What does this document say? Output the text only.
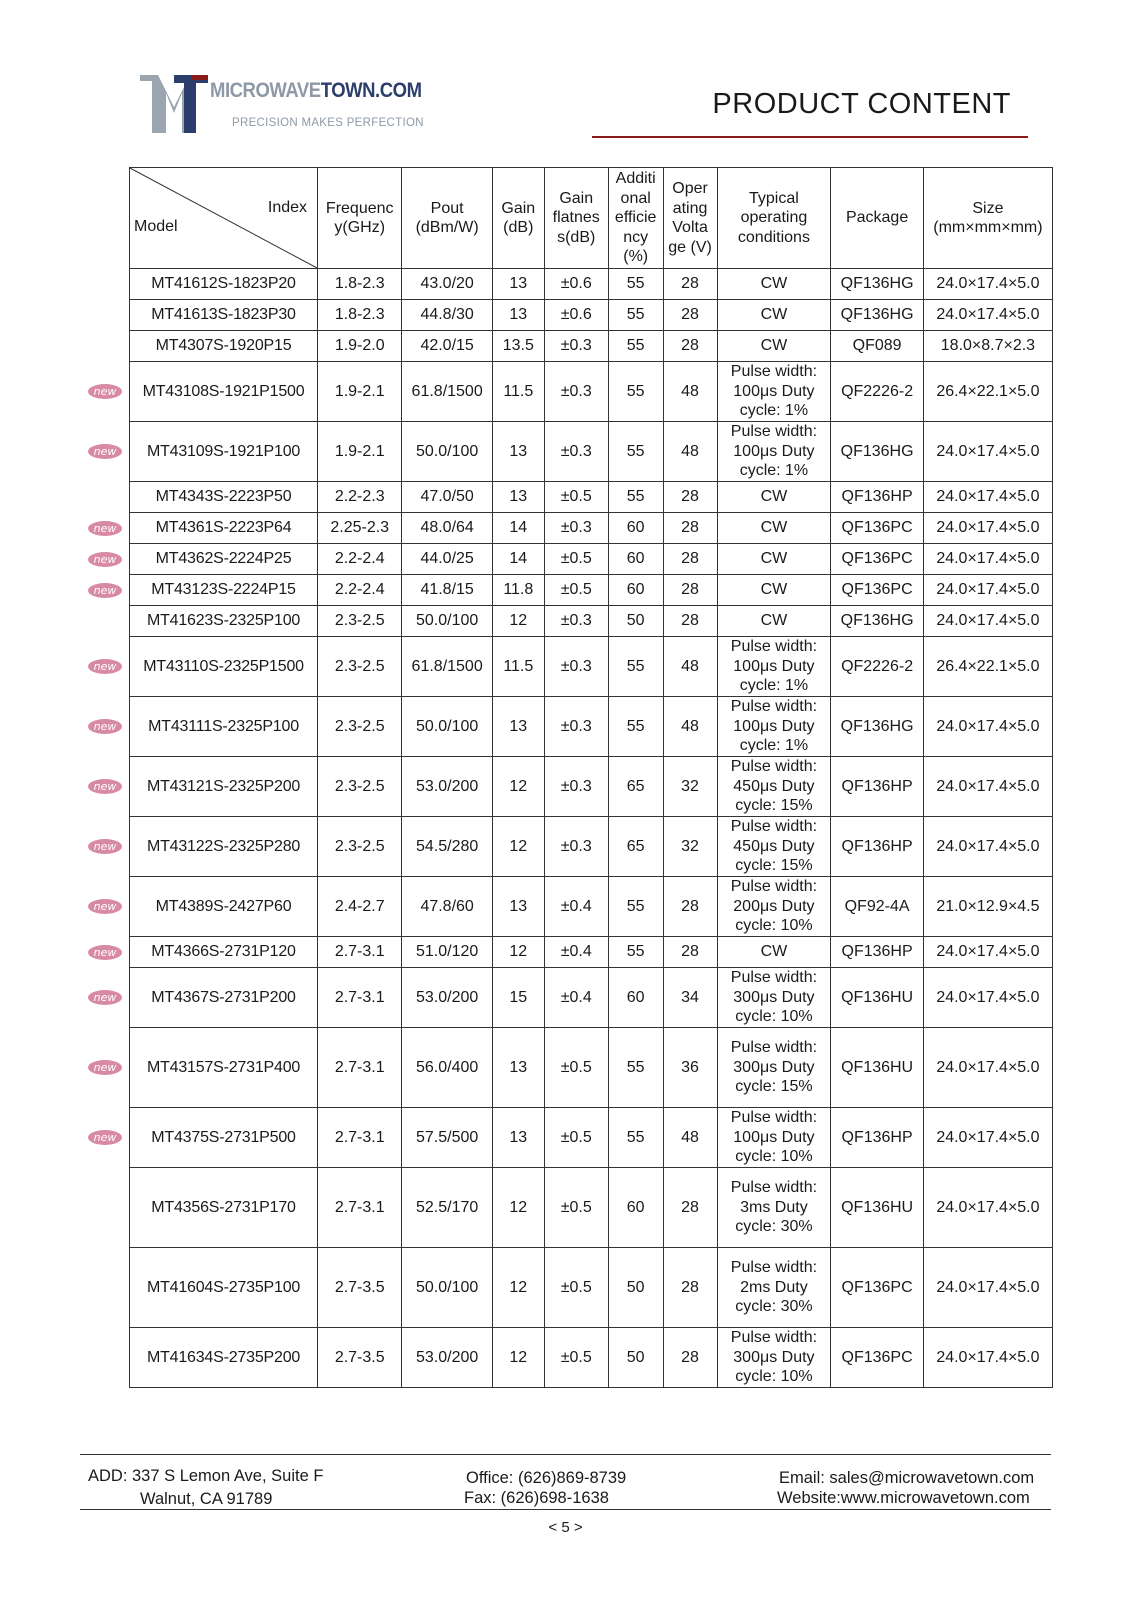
MICROWAVETOWN.COM
PRECISION MAKES PERFECTION
PRODUCT CONTENT
Index
Model	Frequenc y(GHz)	Pout (dBm/W)	Gain (dB)	Gain flatnes s(dB)	Additi onal efficie ncy (%)	Oper ating Volta ge (V)	Typical operating conditions	Package	Size (mm×mm×mm)
MT41612S-1823P20	1.8-2.3	43.0/20	13	±0.6	55	28	CW	QF136HG	24.0×17.4×5.0
MT41613S-1823P30	1.8-2.3	44.8/30	13	±0.6	55	28	CW	QF136HG	24.0×17.4×5.0
MT4307S-1920P15	1.9-2.0	42.0/15	13.5	±0.3	55	28	CW	QF089	18.0×8.7×2.3
MT43108S-1921P1500	1.9-2.1	61.8/1500	11.5	±0.3	55	48	Pulse width: 100μs Duty cycle: 1%	QF2226-2	26.4×22.1×5.0
MT43109S-1921P100	1.9-2.1	50.0/100	13	±0.3	55	48	Pulse width: 100μs Duty cycle: 1%	QF136HG	24.0×17.4×5.0
MT4343S-2223P50	2.2-2.3	47.0/50	13	±0.5	55	28	CW	QF136HP	24.0×17.4×5.0
MT4361S-2223P64	2.25-2.3	48.0/64	14	±0.3	60	28	CW	QF136PC	24.0×17.4×5.0
MT4362S-2224P25	2.2-2.4	44.0/25	14	±0.5	60	28	CW	QF136PC	24.0×17.4×5.0
MT43123S-2224P15	2.2-2.4	41.8/15	11.8	±0.5	60	28	CW	QF136PC	24.0×17.4×5.0
MT41623S-2325P100	2.3-2.5	50.0/100	12	±0.3	50	28	CW	QF136HG	24.0×17.4×5.0
MT43110S-2325P1500	2.3-2.5	61.8/1500	11.5	±0.3	55	48	Pulse width: 100μs Duty cycle: 1%	QF2226-2	26.4×22.1×5.0
MT43111S-2325P100	2.3-2.5	50.0/100	13	±0.3	55	48	Pulse width: 100μs Duty cycle: 1%	QF136HG	24.0×17.4×5.0
MT43121S-2325P200	2.3-2.5	53.0/200	12	±0.3	65	32	Pulse width: 450μs Duty cycle: 15%	QF136HP	24.0×17.4×5.0
MT43122S-2325P280	2.3-2.5	54.5/280	12	±0.3	65	32	Pulse width: 450μs Duty cycle: 15%	QF136HP	24.0×17.4×5.0
MT4389S-2427P60	2.4-2.7	47.8/60	13	±0.4	55	28	Pulse width: 200μs Duty cycle: 10%	QF92-4A	21.0×12.9×4.5
MT4366S-2731P120	2.7-3.1	51.0/120	12	±0.4	55	28	CW	QF136HP	24.0×17.4×5.0
MT4367S-2731P200	2.7-3.1	53.0/200	15	±0.4	60	34	Pulse width: 300μs Duty cycle: 10%	QF136HU	24.0×17.4×5.0
MT43157S-2731P400	2.7-3.1	56.0/400	13	±0.5	55	36	Pulse width: 300μs Duty cycle: 15%	QF136HU	24.0×17.4×5.0
MT4375S-2731P500	2.7-3.1	57.5/500	13	±0.5	55	48	Pulse width: 100μs Duty cycle: 10%	QF136HP	24.0×17.4×5.0
MT4356S-2731P170	2.7-3.1	52.5/170	12	±0.5	60	28	Pulse width: 3ms Duty cycle: 30%	QF136HU	24.0×17.4×5.0
MT41604S-2735P100	2.7-3.5	50.0/100	12	±0.5	50	28	Pulse width: 2ms Duty cycle: 30%	QF136PC	24.0×17.4×5.0
MT41634S-2735P200	2.7-3.5	53.0/200	12	±0.5	50	28	Pulse width: 300μs Duty cycle: 10%	QF136PC	24.0×17.4×5.0
new
new
new
new
new
new
new
new
new
new
new
new
new
new
ADD: 337 S Lemon Ave, Suite F
Walnut, CA 91789
Office: (626)869-8739
Fax: (626)698-1638
Email: sales@microwavetown.com
Website:www.microwavetown.com
< 5 >
